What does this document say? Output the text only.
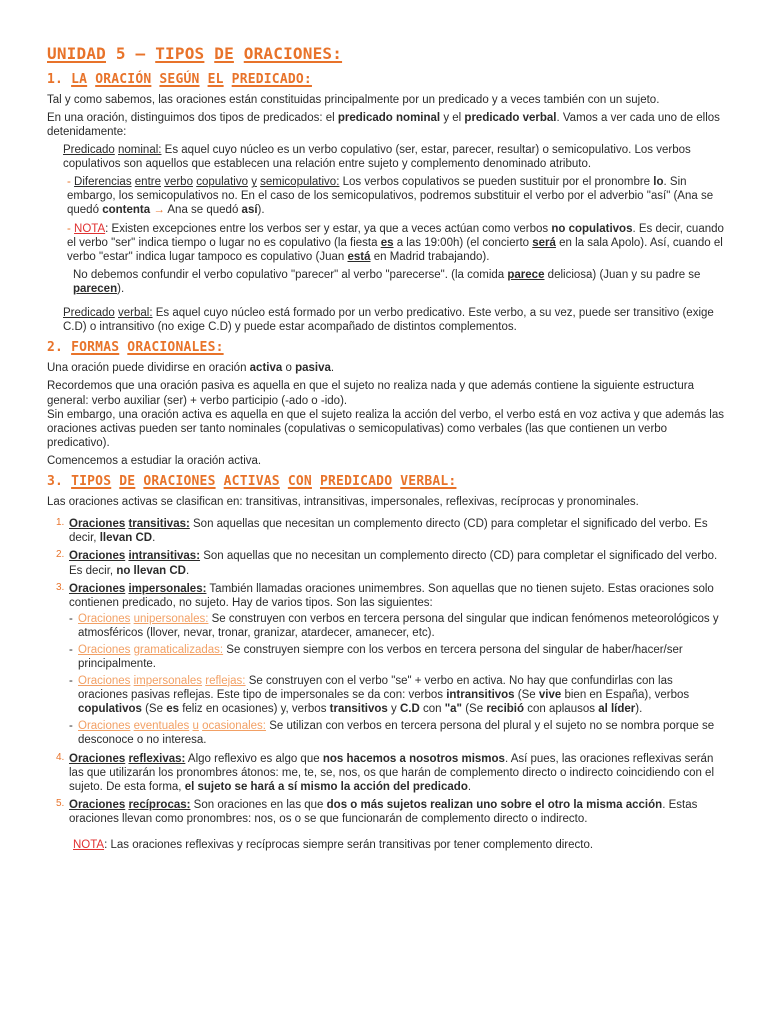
UNIDAD 5 – TIPOS DE ORACIONES:
1. LA ORACIÓN SEGÚN EL PREDICADO:

Tal y como sabemos, las oraciones están constituidas principalmente por un predicado y a veces también con un sujeto.

En una oración, distinguimos dos tipos de predicados: el predicado nominal y el predicado verbal. Vamos a ver cada uno de ellos detenidamente:

Predicado nominal: Es aquel cuyo núcleo es un verbo copulativo (ser, estar, parecer, resultar) o semicopulativo. Los verbos copulativos son aquellos que establecen una relación entre sujeto y complemento denominado atributo.

- Diferencias entre verbo copulativo y semicopulativo: Los verbos copulativos se pueden sustituir por el pronombre lo. Sin embargo, los semicopulativos no. En el caso de los semicopulativos, podremos substituir el verbo por el adverbio "así" (Ana se quedó contenta → Ana se quedó así).

- NOTA: Existen excepciones entre los verbos ser y estar, ya que a veces actúan como verbos no copulativos. Es decir, cuando el verbo "ser" indica tiempo o lugar no es copulativo (la fiesta es a las 19:00h) (el concierto será en la sala Apolo). Así, cuando el verbo "estar" indica lugar tampoco es copulativo (Juan está en Madrid trabajando).

No debemos confundir el verbo copulativo "parecer" al verbo "parecerse". (la comida parece deliciosa) (Juan y su padre se parecen).

Predicado verbal: Es aquel cuyo núcleo está formado por un verbo predicativo. Este verbo, a su vez, puede ser transitivo (exige C.D) o intransitivo (no exige C.D) y puede estar acompañado de distintos complementos.

2. FORMAS ORACIONALES:

Una oración puede dividirse en oración activa o pasiva.

Recordemos que una oración pasiva es aquella en que el sujeto no realiza nada y que además contiene la siguiente estructura general: verbo auxiliar (ser) + verbo participio (-ado o -ido).

Sin embargo, una oración activa es aquella en que el sujeto realiza la acción del verbo, el verbo está en voz activa y que además las oraciones activas pueden ser tanto nominales (copulativas o semicopulativas) como verbales (las que contienen un verbo predicativo).

Comencemos a estudiar la oración activa.

3. TIPOS DE ORACIONES ACTIVAS CON PREDICADO VERBAL:

Las oraciones activas se clasifican en: transitivas, intransitivas, impersonales, reflexivas, recíprocas y pronominales.

1. Oraciones transitivas: Son aquellas que necesitan un complemento directo (CD) para completar el significado del verbo. Es decir, llevan CD.
2. Oraciones intransitivas: Son aquellas que no necesitan un complemento directo (CD) para completar el significado del verbo. Es decir, no llevan CD.
3. Oraciones impersonales: También llamadas oraciones unimembres. Son aquellas que no tienen sujeto. Estas oraciones solo contienen predicado, no sujeto. Hay de varios tipos. Son las siguientes:
- Oraciones unipersonales: Se construyen con verbos en tercera persona del singular que indican fenómenos meteorológicos y atmosféricos (llover, nevar, tronar, granizar, atardecer, amanecer, etc).
- Oraciones gramaticalizadas: Se construyen siempre con los verbos en tercera persona del singular de haber/hacer/ser principalmente.
- Oraciones impersonales reflejas: Se construyen con el verbo "se" + verbo en activa. No hay que confundirlas con las oraciones pasivas reflejas. Este tipo de impersonales se da con: verbos intransitivos (Se vive bien en España), verbos copulativos (Se es feliz en ocasiones) y, verbos transitivos y C.D con "a" (Se recibió con aplausos al líder).
- Oraciones eventuales u ocasionales: Se utilizan con verbos en tercera persona del plural y el sujeto no se nombra porque se desconoce o no interesa.
4. Oraciones reflexivas: Algo reflexivo es algo que nos hacemos a nosotros mismos. Así pues, las oraciones reflexivas serán las que utilizarán los pronombres átonos: me, te, se, nos, os que harán de complemento directo o indirecto coincidiendo con el sujeto. De esta forma, el sujeto se hará a sí mismo la acción del predicado.
5. Oraciones recíprocas: Son oraciones en las que dos o más sujetos realizan uno sobre el otro la misma acción. Estas oraciones llevan como pronombres: nos, os o se que funcionarán de complemento directo o indirecto.

NOTA: Las oraciones reflexivas y recíprocas siempre serán transitivas por tener complemento directo.
